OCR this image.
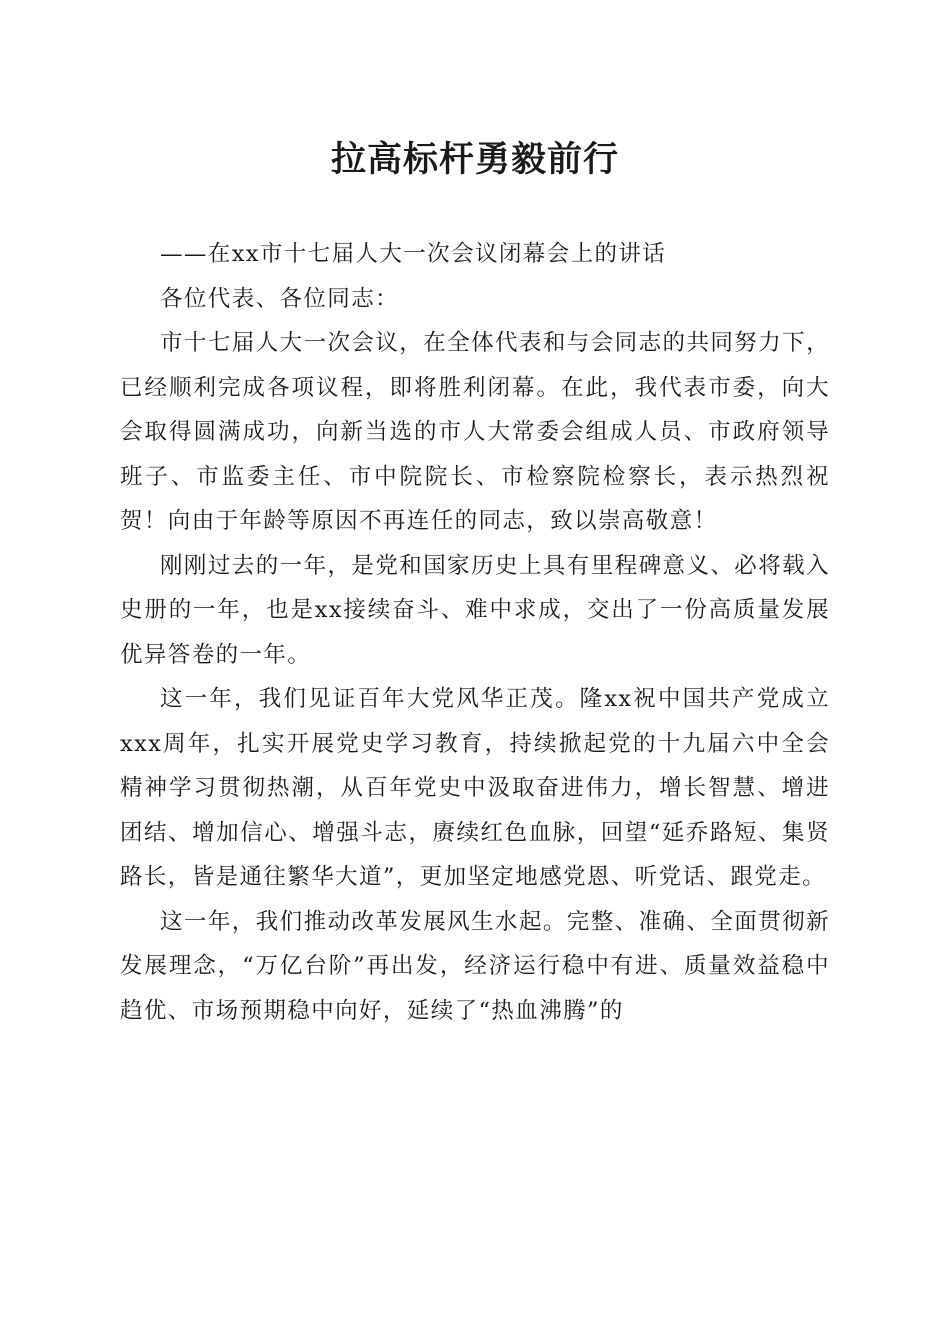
拉高标杆勇毅前行

——在xx市十七届人大一次会议闭幕会上的讲话

各位代表、各位同志：

市十七届人大一次会议，在全体代表和与会同志的共同努力下，已经顺利完成各项议程，即将胜利闭幕。在此，我代表市委，向大会取得圆满成功，向新当选的市人大常委会组成人员、市政府领导班子、市监委主任、市中院院长、市检察院检察长，表示热烈祝贺！向由于年龄等原因不再连任的同志，致以崇高敬意！

刚刚过去的一年，是党和国家历史上具有里程碑意义、必将载入史册的一年，也是xx接续奋斗、难中求成，交出了一份高质量发展优异答卷的一年。

这一年，我们见证百年大党风华正茂。隆xx祝中国共产党成立xxx周年，扎实开展党史学习教育，持续掀起党的十九届六中全会精神学习贯彻热潮，从百年党史中汲取奋进伟力，增长智慧、增进团结、增加信心、增强斗志，赓续红色血脉，回望“延乔路短、集贤路长，皆是通往繁华大道”，更加坚定地感党恩、听党话、跟党走。

这一年，我们推动改革发展风生水起。完整、准确、全面贯彻新发展理念，“万亿台阶”再出发，经济运行稳中有进、质量效益稳中趋优、市场预期稳中向好，延续了“热血沸腾”的
